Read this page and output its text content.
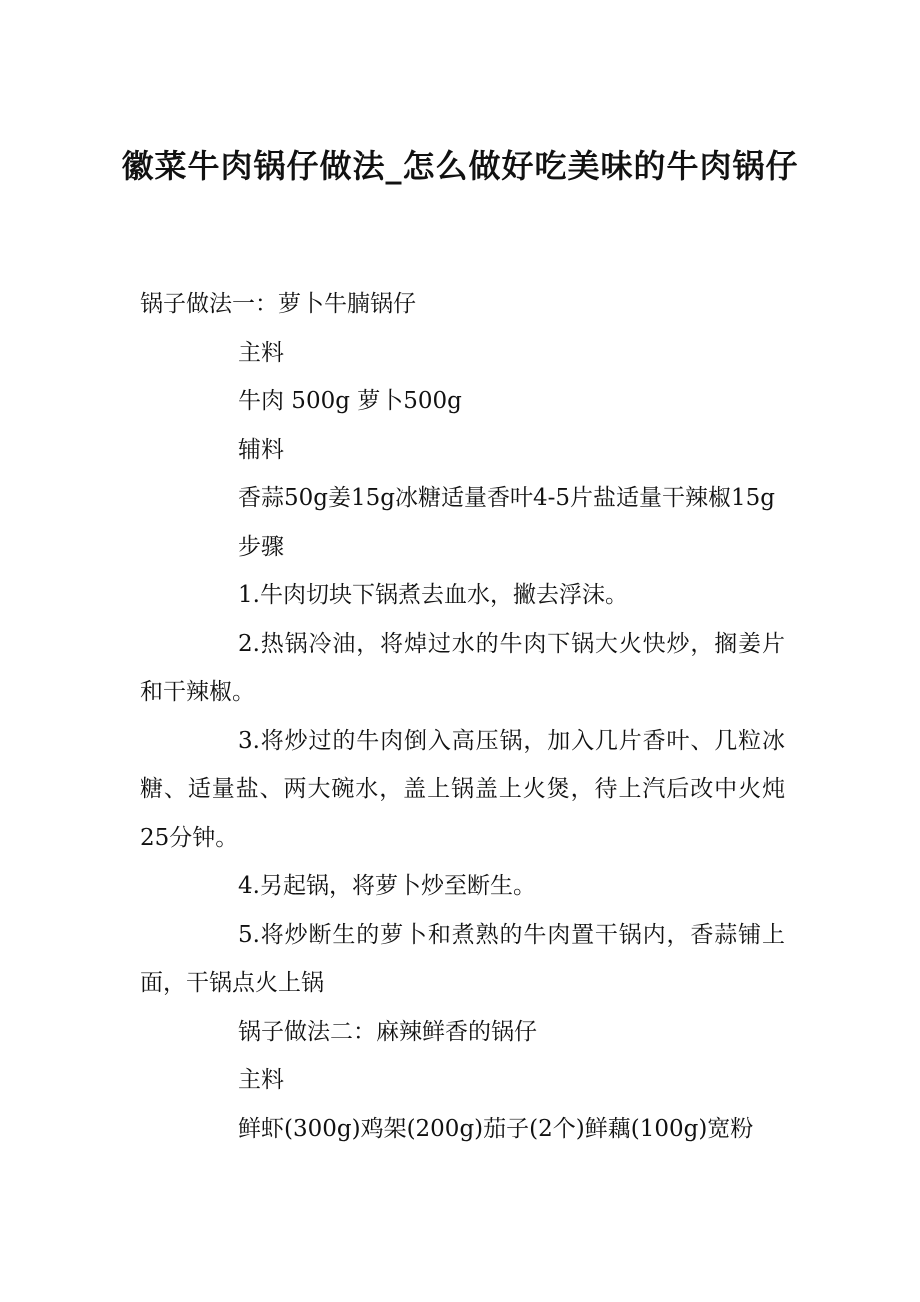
徽菜牛肉锅仔做法_怎么做好吃美味的牛肉锅仔

锅子做法一：萝卜牛腩锅仔

主料

牛肉 500g 萝卜500g

辅料

香蒜50g姜15g冰糖适量香叶4-5片盐适量干辣椒15g

步骤

1.牛肉切块下锅煮去血水，撇去浮沫。

2.热锅冷油，将焯过水的牛肉下锅大火快炒，搁姜片和干辣椒。

3.将炒过的牛肉倒入高压锅，加入几片香叶、几粒冰糖、适量盐、两大碗水，盖上锅盖上火煲，待上汽后改中火炖25分钟。

4.另起锅，将萝卜炒至断生。

5.将炒断生的萝卜和煮熟的牛肉置干锅内，香蒜铺上面，干锅点火上锅

锅子做法二：麻辣鲜香的锅仔

主料

鲜虾(300g)鸡架(200g)茄子(2个)鲜藕(100g)宽粉
